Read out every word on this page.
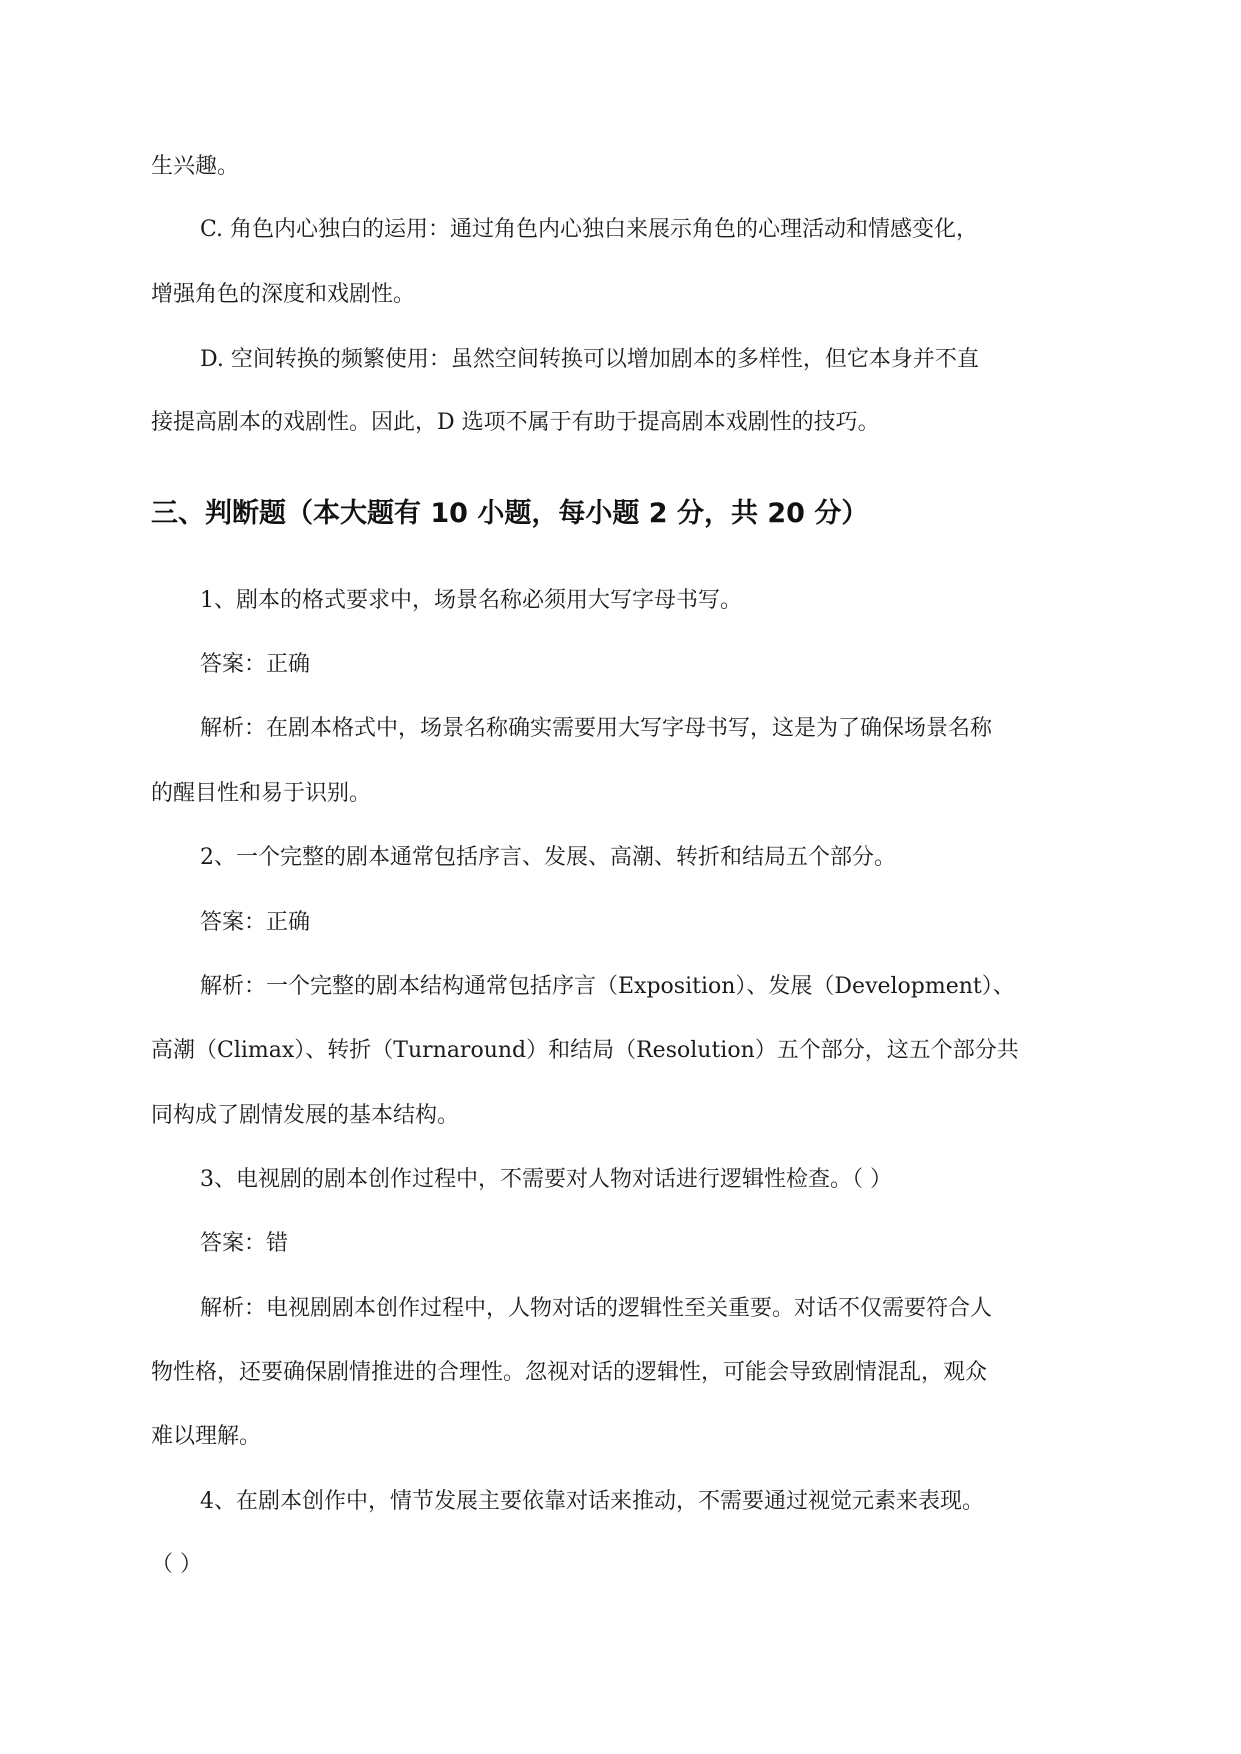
生兴趣。
C. 角色内心独白的运用：通过角色内心独白来展示角色的心理活动和情感变化，
增强角色的深度和戏剧性。
D. 空间转换的频繁使用：虽然空间转换可以增加剧本的多样性，但它本身并不直
接提高剧本的戏剧性。因此，D 选项不属于有助于提高剧本戏剧性的技巧。
三、判断题（本大题有 10 小题，每小题 2 分，共 20 分）
1、剧本的格式要求中，场景名称必须用大写字母书写。
答案：正确
解析：在剧本格式中，场景名称确实需要用大写字母书写，这是为了确保场景名称
的醒目性和易于识别。
2、一个完整的剧本通常包括序言、发展、高潮、转折和结局五个部分。
答案：正确
解析：一个完整的剧本结构通常包括序言（Exposition）、发展（Development）、
高潮（Climax）、转折（Turnaround）和结局（Resolution）五个部分，这五个部分共
同构成了剧情发展的基本结构。
3、电视剧的剧本创作过程中，不需要对人物对话进行逻辑性检查。（ ）
答案：错
解析：电视剧剧本创作过程中，人物对话的逻辑性至关重要。对话不仅需要符合人
物性格，还要确保剧情推进的合理性。忽视对话的逻辑性，可能会导致剧情混乱，观众
难以理解。
4、在剧本创作中，情节发展主要依靠对话来推动，不需要通过视觉元素来表现。
（ ）
